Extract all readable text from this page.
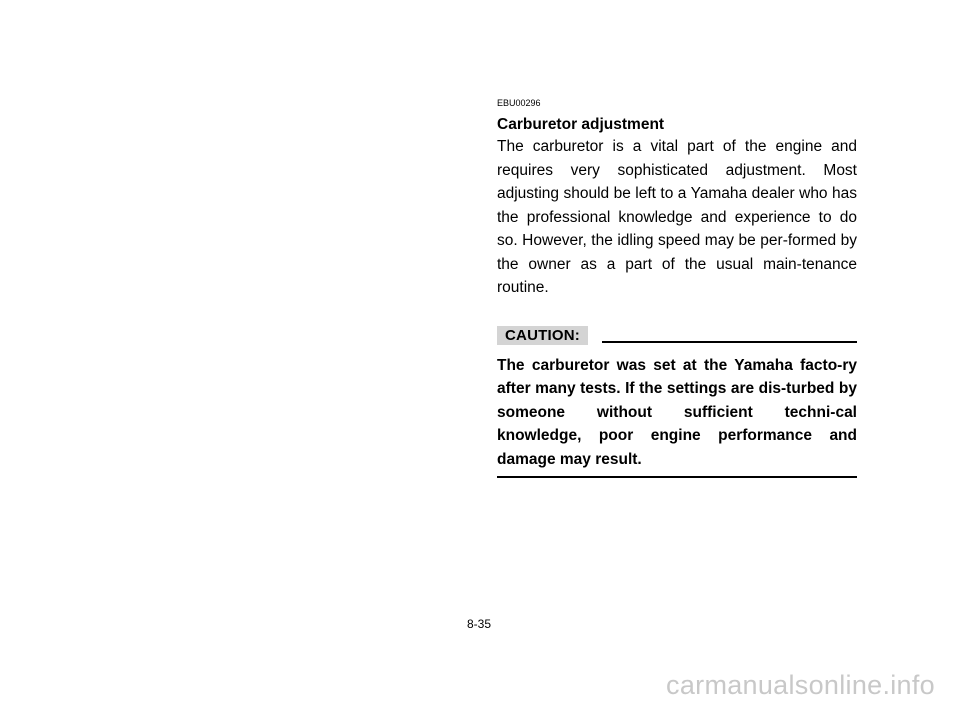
EBU00296
Carburetor adjustment

The carburetor is a vital part of the engine and requires very sophisticated adjustment. Most adjusting should be left to a Yamaha dealer who has the professional knowledge and experience to do so. However, the idling speed may be per-formed by the owner as a part of the usual main-tenance routine.

CAUTION:

The carburetor was set at the Yamaha facto-ry after many tests. If the settings are dis-turbed by someone without sufficient techni-cal knowledge, poor engine performance and damage may result.

8-35
carmanualsonline.info
